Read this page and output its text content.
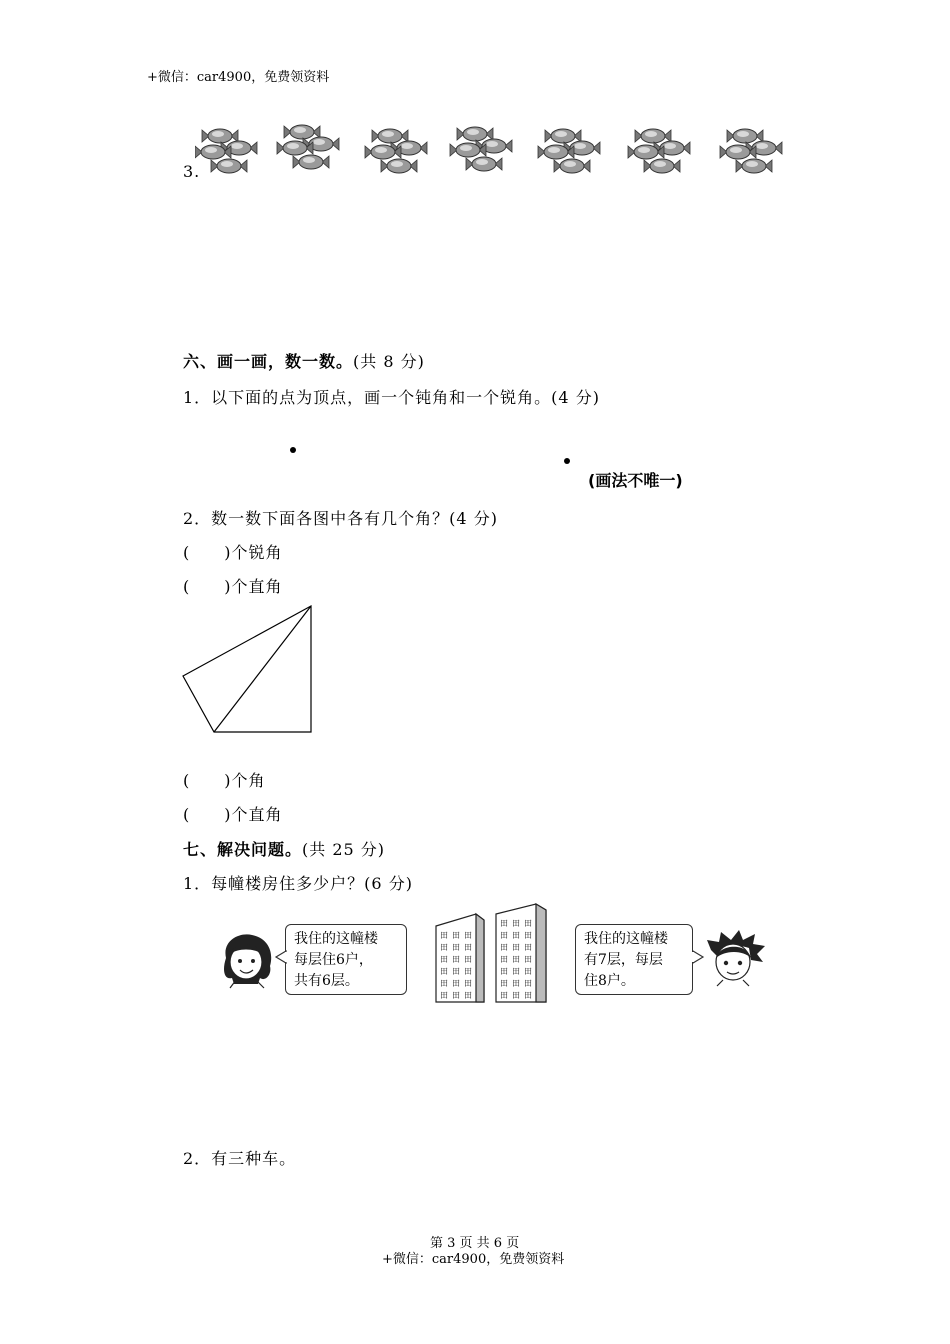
+微信：car4900，免费领资料
3.
六、画一画，数一数。(共 8 分)
1．以下面的点为顶点，画一个钝角和一个锐角。(4 分)
(画法不唯一)
2．数一数下面各图中各有几个角？(4 分)
(　　)个锐角
(　　)个直角
(　　)个角
(　　)个直角
七、解决问题。(共 25 分)
1．每幢楼房住多少户？(6 分)
我住的这幢楼
每层住6户，
共有6层。
田 田 田
田 田 田
田 田 田
田 田 田
田 田 田
田 田 田
田 田 田
田 田 田
田 田 田
田 田 田
田 田 田
田 田 田
田 田 田
我住的这幢楼
有7层，每层
住8户。
2．有三种车。
第 3 页 共 6 页
+微信：car4900，免费领资料
